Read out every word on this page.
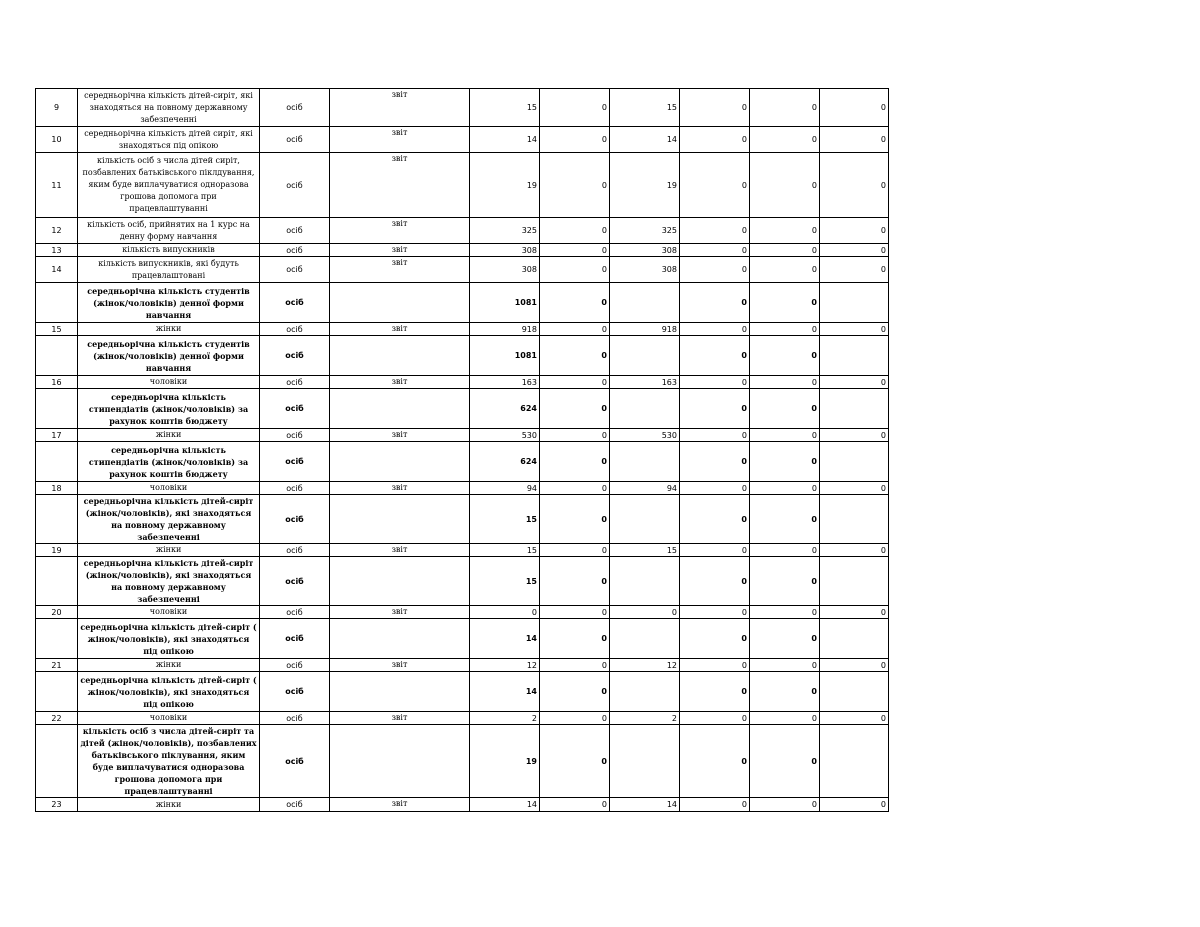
9	середньорічна кількість дітей-сиріт, які знаходяться на повному державному забезпеченні	осіб	звіт	15	0	15	0	0	0
10	середньорічна кількість дітей сиріт, які знаходяться під опікою	осіб	звіт	14	0	14	0	0	0
11	кількість осіб з числа дітей сиріт, позбавлених батьківського піклдування, яким буде виплачуватися одноразова грошова допомога при працевлаштуванні	осіб	звіт	19	0	19	0	0	0
12	кількість осіб, прийнятих на 1 курс на денну форму навчання	осіб	звіт	325	0	325	0	0	0
13	кількість випускників	осіб	звіт	308	0	308	0	0	0
14	кількість випускників, які будуть працевлаштовані	осіб	звіт	308	0	308	0	0	0
	середньорічна кількість студентів (жінок/чоловіків) денної форми навчання	осіб		1081	0		0	0	
15	жінки	осіб	звіт	918	0	918	0	0	0
	середньорічна кількість студентів (жінок/чоловіків) денної форми навчання	осіб		1081	0		0	0	
16	чоловіки	осіб	звіт	163	0	163	0	0	0
	середньорічна кількість стипендіатів (жінок/чоловіків) за рахунок коштів бюджету	осіб		624	0		0	0	
17	жінки	осіб	звіт	530	0	530	0	0	0
	середньорічна кількість стипендіатів (жінок/чоловіків) за рахунок коштів бюджету	осіб		624	0		0	0	
18	чоловіки	осіб	звіт	94	0	94	0	0	0
	середньорічна кількість дітей-сиріт (жінок/чоловіків), які знаходяться на повному державному забезпеченні	осіб		15	0		0	0	
19	жінки	осіб	звіт	15	0	15	0	0	0
	середньорічна кількість дітей-сиріт (жінок/чоловіків), які знаходяться на повному державному забезпеченні	осіб		15	0		0	0	
20	чоловіки	осіб	звіт	0	0	0	0	0	0
	середньорічна кількість дітей-сиріт ( жінок/чоловіків), які знаходяться під опікою	осіб		14	0		0	0	
21	жінки	осіб	звіт	12	0	12	0	0	0
	середньорічна кількість дітей-сиріт ( жінок/чоловіків), які знаходяться під опікою	осіб		14	0		0	0	
22	чоловіки	осіб	звіт	2	0	2	0	0	0
	кількість осіб з числа дітей-сиріт та дітей (жінок/чоловіків), позбавлених батьківського піклування, яким буде виплачуватися одноразова грошова допомога при працевлаштуванні	осіб		19	0		0	0	
23	жінки	осіб	звіт	14	0	14	0	0	0
